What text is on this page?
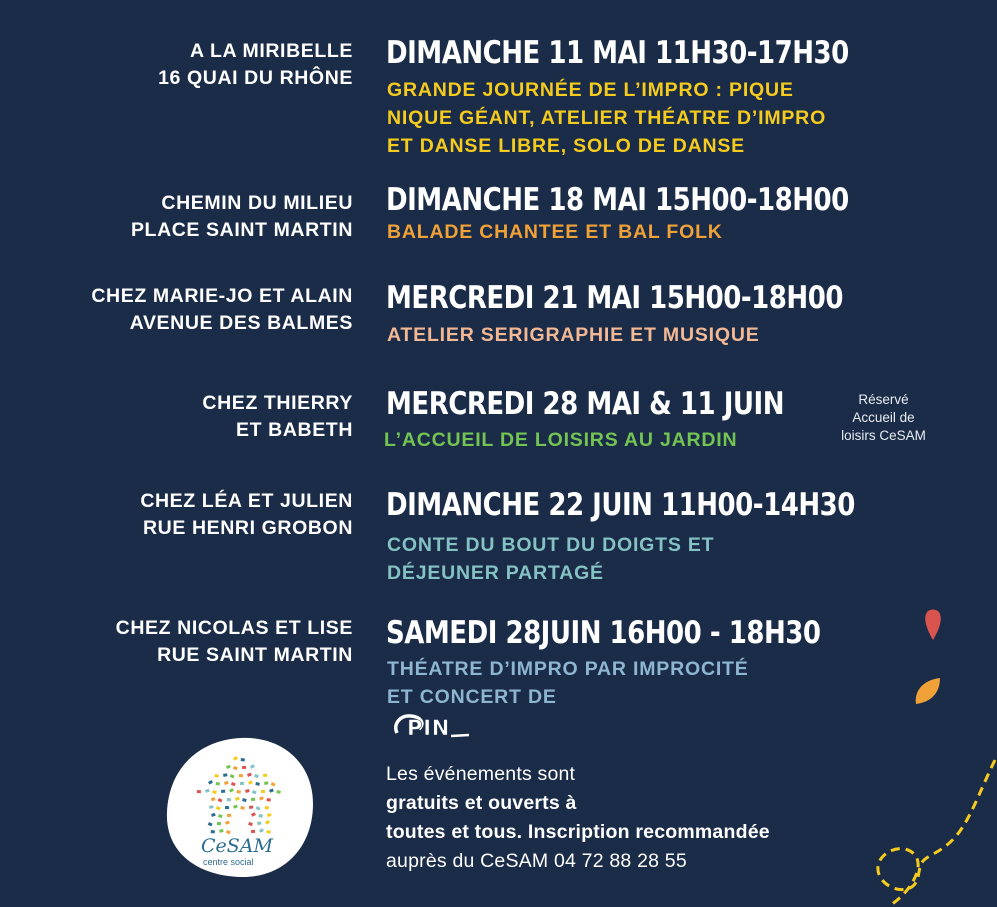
A LA MIRIBELLE
16 QUAI DU RHÔNE
DIMANCHE 11 MAI 11H30-17H30
GRANDE JOURNÉE DE L’IMPRO : PIQUE
NIQUE GÉANT, ATELIER THÉATRE D’IMPRO
ET DANSE LIBRE, SOLO DE DANSE
CHEMIN DU MILIEU
PLACE SAINT MARTIN
DIMANCHE 18 MAI 15H00-18H00
BALADE CHANTEE ET BAL FOLK
CHEZ MARIE-JO ET ALAIN
AVENUE DES BALMES
MERCREDI 21 MAI 15H00-18H00
ATELIER SERIGRAPHIE ET MUSIQUE
CHEZ THIERRY
ET BABETH
MERCREDI 28 MAI & 11 JUIN
L’ACCUEIL DE LOISIRS AU JARDIN
Réservé
Accueil de
loisirs CeSAM
CHEZ LÉA ET JULIEN
RUE HENRI GROBON
DIMANCHE 22 JUIN 11H00-14H30
CONTE DU BOUT DU DOIGTS ET
DÉJEUNER PARTAGÉ
CHEZ NICOLAS ET LISE
RUE SAINT MARTIN
SAMEDI 28JUIN 16H00 - 18H30
THÉATRE D’IMPRO PAR IMPROCITÉ
ET CONCERT DE
PIN
Les événements sont
gratuits et ouverts à
toutes et tous. Inscription recommandée
auprès du CeSAM 04 72 88 28 55
CeSAM
centre social
